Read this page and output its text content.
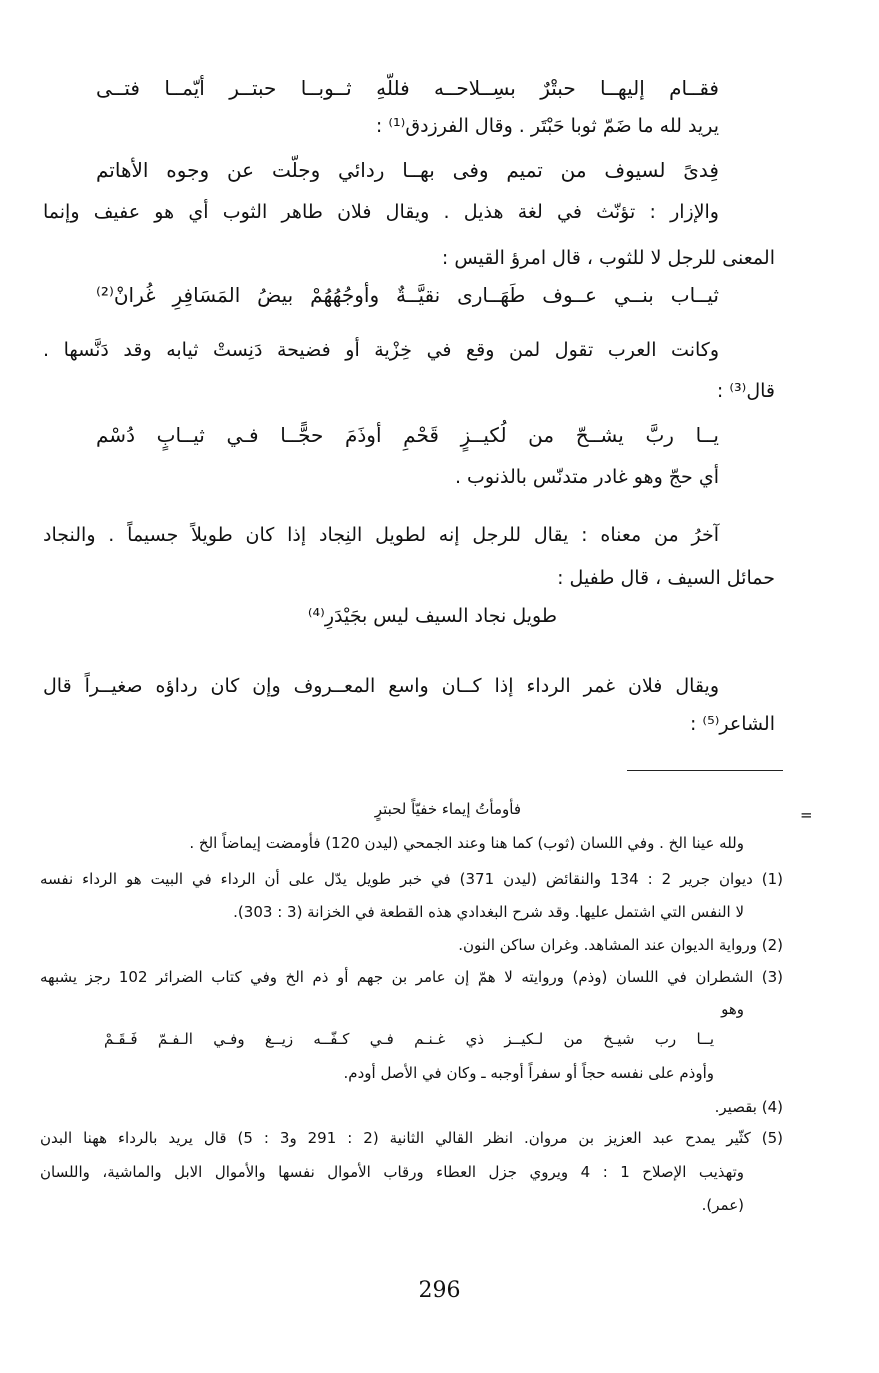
فقــام إليهــا حبتْرٌ بسِــلاحــه فللّهِ ثــوبــا حبتــر أيّمــا فتــى
يريد لله ما ضَمّ ثوبا حَبْتَر . وقال الفرزدق⁽¹⁾ :
فِدىً لسيوف من تميم وفى بهــا ردائي وجلّت عن وجوه الأهاتم
والإزار : تؤنّث في لغة هذيل . ويقال فلان طاهر الثوب أي هو عفيف وإنما
المعنى للرجل لا للثوب ، قال امرؤ القيس :
ثيــاب بنــي عــوف طَهَــارى نقيَّــةٌ وأوجُهُهُمْ بيضُ المَسَافِرِ غُرانْ⁽²⁾
وكانت العرب تقول لمن وقع في خِزْية أو فضيحة دَنِستْ ثيابه وقد دَنَّسها .
قال⁽³⁾ :
يــا ربَّ يشــحّ من لُكيــزٍ قَحْمِ أوذَمَ حجًّــا فـي ثيــابٍ دُسْم
أي حجّ وهو غادر متدنّس بالذنوب .
آخرُ من معناه : يقال للرجل إنه لطويل النِجاد إذا كان طويلاً جسيماً . والنجاد
حمائل السيف ، قال طفيل :
طويل نجاد السيف ليس بجَيْدَرِ⁽⁴⁾
ويقال فلان غمر الرداء إذا كــان واسع المعــروف وإن كان رداؤه صغيــراً قال
الشاعر⁽⁵⁾ :
=
فأومأتُ إيماء خفيّاً لحبترٍ
ولله عينا الخ . وفي اللسان (ثوب) كما هنا وعند الجمحي (ليدن 120) فأومضت إيماضاً الخ .
(1) ديوان جرير 2 : 134 والنقائض (ليدن 371) في خبر طويل يدّل على أن الرداء في البيت هو الرداء نفسه
لا النفس التي اشتمل عليها. وقد شرح البغدادي هذه القطعة في الخزانة (3 : 303).
(2) ورواية الديوان عند المشاهد. وغران ساكن النون.
(3) الشطران في اللسان (وذم) وروايته لا همّ إن عامر بن جهم أو ذم الخ وفي كتاب الضرائر 102 رجز يشبهه
وهو
يــا رب شيـخ من لـكيــز ذي غـنـم فـي كـفّــه زيــغ وفـي الـفـمّ فَـقَـمْ
وأوذم على نفسه حجاً أو سفراً أوجبه ـ وكان في الأصل أودم.
(4) بقصير.
(5) كثّير يمدح عبد العزيز بن مروان. انظر القالي الثانية (2 : 291 و3 : 5) قال يريد بالرداء ههنا البدن
وتهذيب الإصلاح 1 : 4 ويروي جزل العطاء ورقاب الأموال نفسها والأموال الابل والماشية، واللسان
(عمر).
296
